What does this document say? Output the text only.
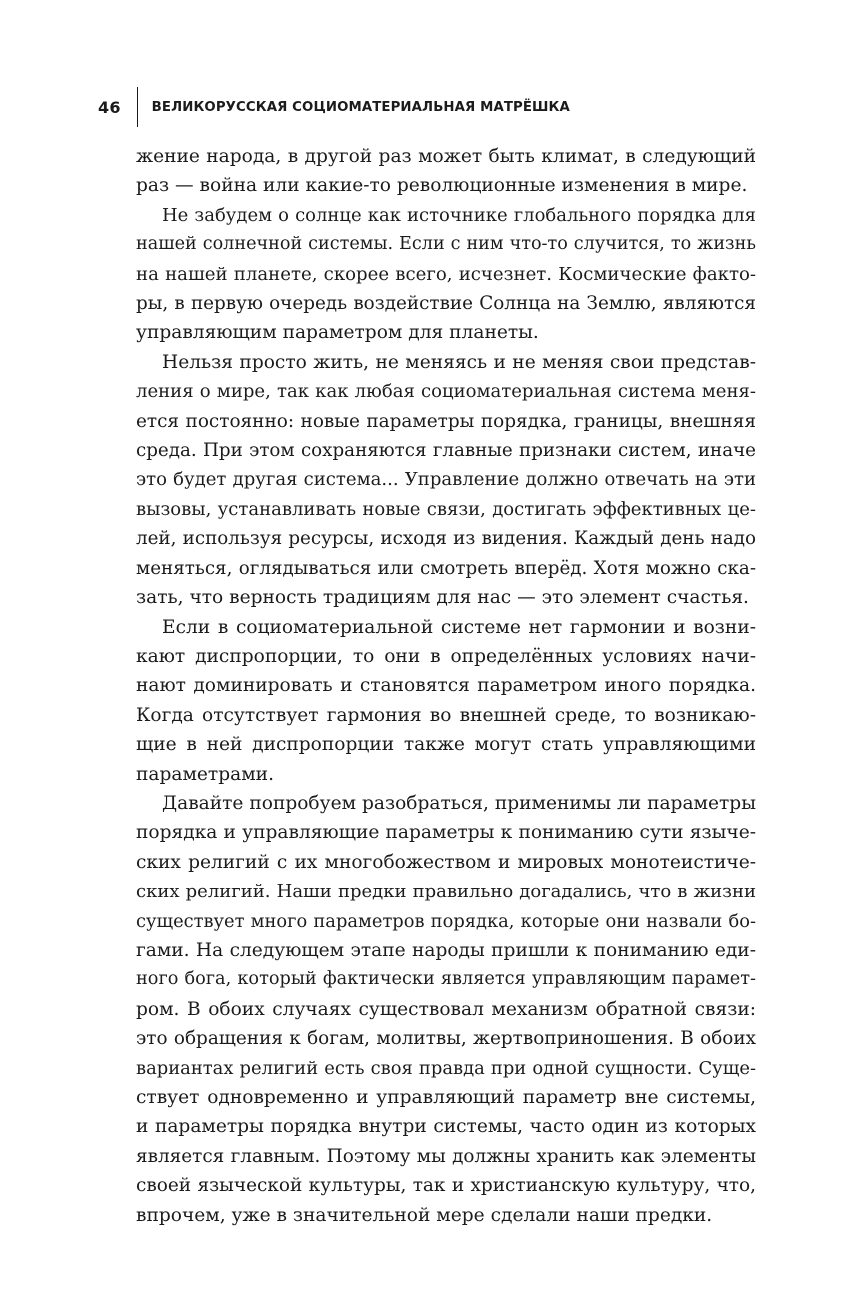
46 ВЕЛИКОРУССКАЯ СОЦИОМАТЕРИАЛЬНАЯ МАТРЁШКА
жение народа, в другой раз может быть климат, в следующий
раз — война или какие-то революционные изменения в мире.
Не забудем о солнце как источнике глобального порядка для
нашей солнечной системы. Если с ним что-то случится, то жизнь
на нашей планете, скорее всего, исчезнет. Космические факто-
ры, в первую очередь воздействие Солнца на Землю, являются
управляющим параметром для планеты.
Нельзя просто жить, не меняясь и не меняя свои представ-
ления о мире, так как любая социоматериальная система меня-
ется постоянно: новые параметры порядка, границы, внешняя
среда. При этом сохраняются главные признаки систем, иначе
это будет другая система... Управление должно отвечать на эти
вызовы, устанавливать новые связи, достигать эффективных це-
лей, используя ресурсы, исходя из видения. Каждый день надо
меняться, оглядываться или смотреть вперёд. Хотя можно ска-
зать, что верность традициям для нас — это элемент счастья.
Если в социоматериальной системе нет гармонии и возни-
кают диспропорции, то они в определённых условиях начи-
нают доминировать и становятся параметром иного порядка.
Когда отсутствует гармония во внешней среде, то возникаю-
щие в ней диспропорции также могут стать управляющими
параметрами.
Давайте попробуем разобраться, применимы ли параметры
порядка и управляющие параметры к пониманию сути языче-
ских религий с их многобожеством и мировых монотеистиче-
ских религий. Наши предки правильно догадались, что в жизни
существует много параметров порядка, которые они назвали бо-
гами. На следующем этапе народы пришли к пониманию еди-
ного бога, который фактически является управляющим парамет-
ром. В обоих случаях существовал механизм обратной связи:
это обращения к богам, молитвы, жертвоприношения. В обоих
вариантах религий есть своя правда при одной сущности. Суще-
ствует одновременно и управляющий параметр вне системы,
и параметры порядка внутри системы, часто один из которых
является главным. Поэтому мы должны хранить как элементы
своей языческой культуры, так и христианскую культуру, что,
впрочем, уже в значительной мере сделали наши предки.
